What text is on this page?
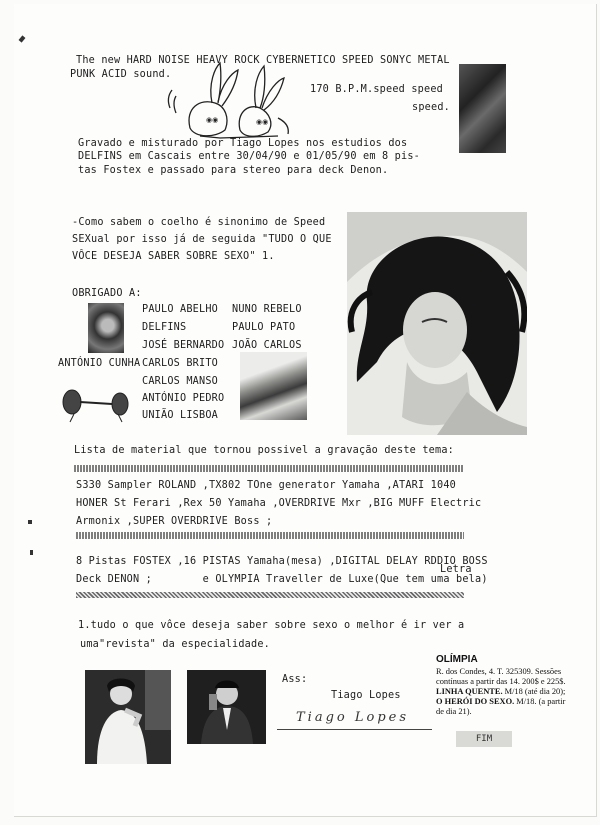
The new HARD NOISE HEAVY ROCK CYBERNETICO SPEED SONYC METAL
PUNK ACID sound.
170 B.P.M.speed speed
speed.
◉◉
◉◉
Gravado e misturado por Tiago Lopes nos estudios dos
DELFINS em Cascais entre 30/04/90 e 01/05/90 em 8 pis-
tas Fostex e passado para stereo para deck Denon.
-Como sabem o coelho é sinonimo de Speed
SEXual por isso já de seguida "TUDO O QUE
VÔCE DESEJA SABER SOBRE SEXO" 1.
OBRIGADO A:
PAULO ABELHO
DELFINS
JOSÉ BERNARDO
CARLOS BRITO
CARLOS MANSO
ANTÓNIO PEDRO
UNIÃO LISBOA
NUNO REBELO
PAULO PATO
JOÃO CARLOS
ANTÓNIO CUNHA
Lista de material que tornou possivel a gravação deste tema:
S330 Sampler ROLAND ,TX802 TOne generator Yamaha ,ATARI 1040
HONER St Ferari ,Rex 50 Yamaha ,OVERDRIVE Mxr ,BIG MUFF Electric
Armonix ,SUPER OVERDRIVE Boss ;
8 Pistas FOSTEX ,16 PISTAS Yamaha(mesa) ,DIGITAL DELAY RDDIO BOSS
Deck DENON ;        e OLYMPIA Traveller de Luxe(Que tem uma bela)
Letra
1.tudo o que vôce deseja saber sobre sexo o melhor é ir ver a
uma"revista" da especialidade.
Ass:
Tiago Lopes
Tiago Lopes
OLÍMPIA
R. dos Condes, 4. T. 325309. Sessões contínuas a partir das 14. 200$ e 225$. LINHA QUENTE. M/18 (até dia 20); O HERÓI DO SEXO. M/18. (a partir de dia 21).
FIM
